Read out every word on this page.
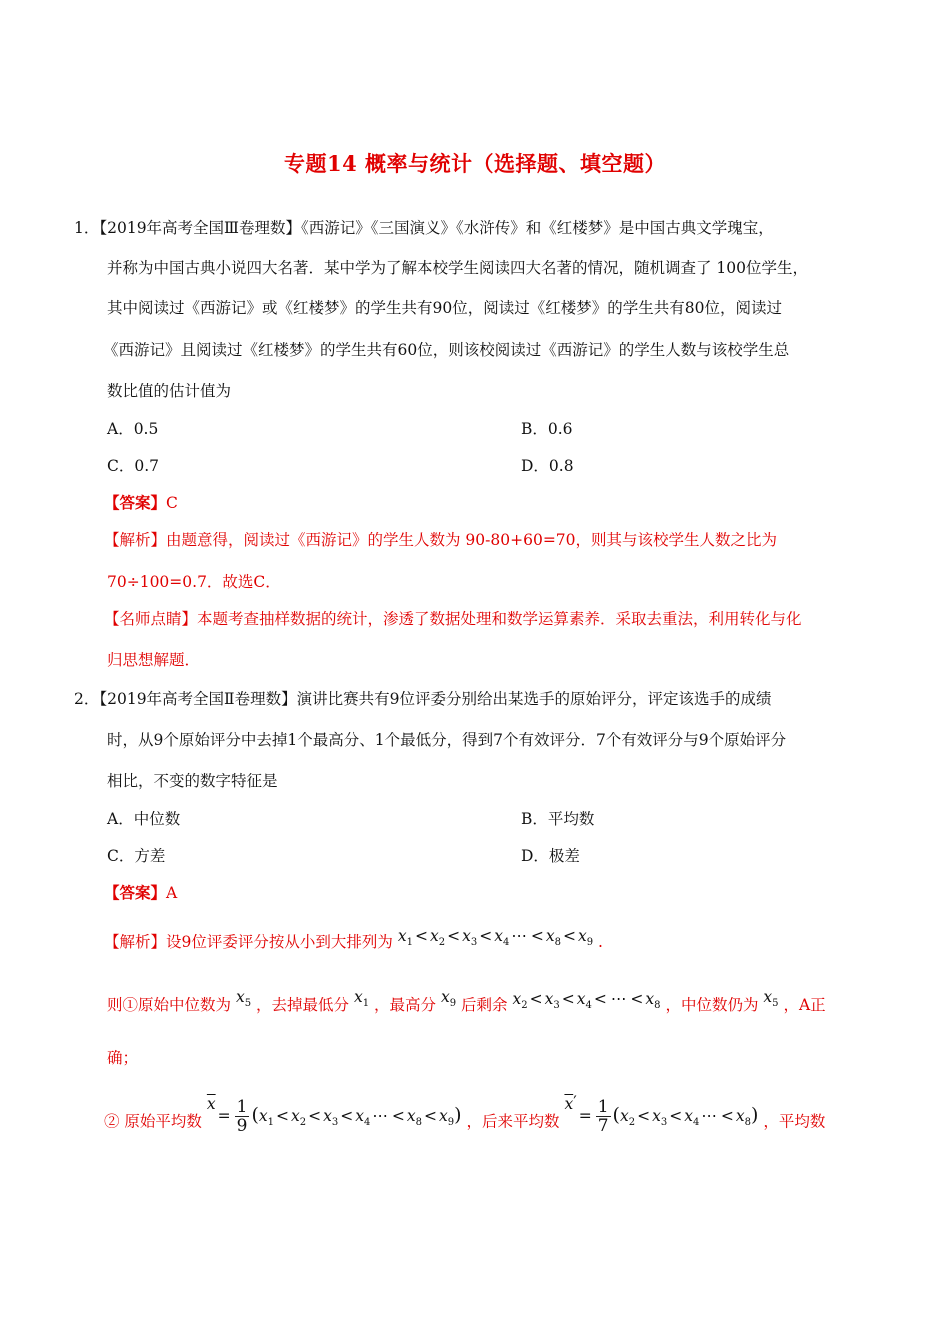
专题14 概率与统计（选择题、填空题）
1．【2019年高考全国Ⅲ卷理数】《西游记》《三国演义》《水浒传》和《红楼梦》是中国古典文学瑰宝，
并称为中国古典小说四大名著．某中学为了解本校学生阅读四大名著的情况，随机调查了 100位学生，
其中阅读过《西游记》或《红楼梦》的学生共有90位，阅读过《红楼梦》的学生共有80位，阅读过
《西游记》且阅读过《红楼梦》的学生共有60位，则该校阅读过《西游记》的学生人数与该校学生总
数比值的估计值为
A．0.5	B．0.6
C．0.7	D．0.8
【答案】C
【解析】由题意得，阅读过《西游记》的学生人数为 90-80+60=70，则其与该校学生人数之比为
70÷100=0.7．故选C．
【名师点睛】本题考查抽样数据的统计，渗透了数据处理和数学运算素养．采取去重法，利用转化与化
归思想解题．
2．【2019年高考全国Ⅱ卷理数】演讲比赛共有9位评委分别给出某选手的原始评分，评定该选手的成绩
时，从9个原始评分中去掉1个最高分、1个最低分，得到7个有效评分．7个有效评分与9个原始评分
相比，不变的数字特征是
A．中位数	B．平均数
C．方差	D．极差
【答案】A
【解析】设9位评委评分按从小到大排列为 $x_1 < x_2 < x_3 < x_4$ ⋯ < $x_8 < x_9$ .
则①原始中位数为 $x_5$ ，去掉最低分 $x_1$ ，最高分 $x_9$ 后剩余 $x_2 < x_3 < x_4$ < ⋯ < $x_8$ ，中位数仍为 $x_5$ ，A正
确；
② 原始平均数 $\overline{x}= \frac{1}{9} (x_1 < x_2 < x_3 < x_4$ ⋯ < $x_8 < x_9$) ，后来平均数 $\overline{x}'= \frac{1}{7} (x_2 < x_3 < x_4$ ⋯ < $x_8$) ，平均数
